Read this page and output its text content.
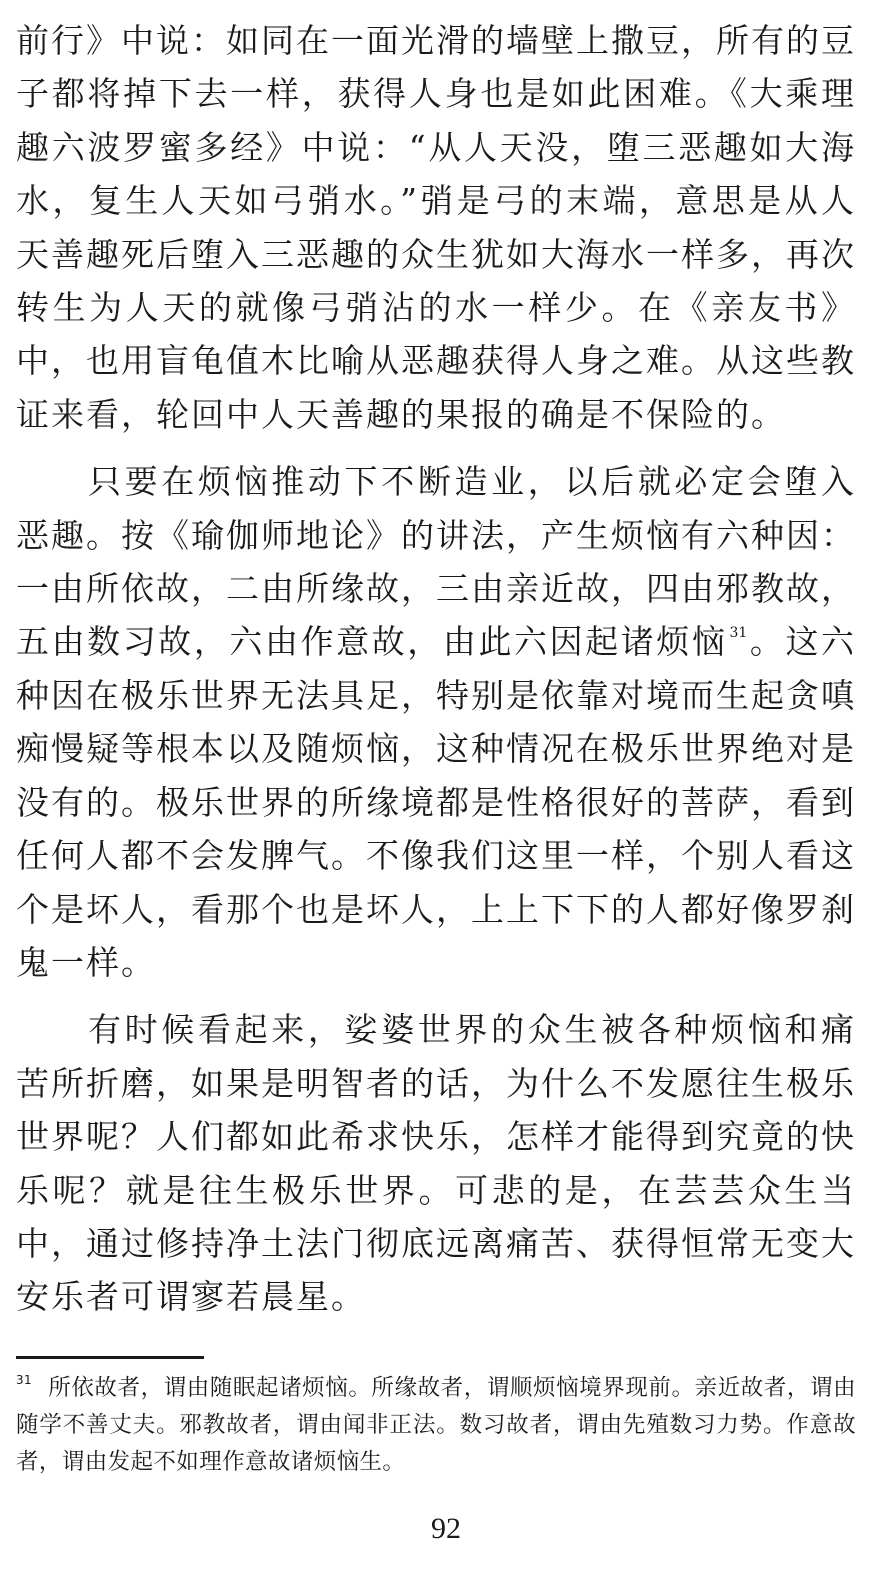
前行》中说：如同在一面光滑的墙壁上撒豆，所有的豆子都将掉下去一样，获得人身也是如此困难。《大乘理趣六波罗蜜多经》中说：“从人天没，堕三恶趣如大海水，复生人天如弓弰水。”弰是弓的末端，意思是从人天善趣死后堕入三恶趣的众生犹如大海水一样多，再次转生为人天的就像弓弰沾的水一样少。在《亲友书》中，也用盲龟值木比喻从恶趣获得人身之难。从这些教证来看，轮回中人天善趣的果报的确是不保险的。

只要在烦恼推动下不断造业，以后就必定会堕入恶趣。按《瑜伽师地论》的讲法，产生烦恼有六种因：一由所依故，二由所缘故，三由亲近故，四由邪教故，五由数习故，六由作意故，由此六因起诸烦恼 $^{31}$。这六种因在极乐世界无法具足，特别是依靠对境而生起贪嗔痴慢疑等根本以及随烦恼，这种情况在极乐世界绝对是没有的。极乐世界的所缘境都是性格很好的菩萨，看到任何人都不会发脾气。不像我们这里一样，个别人看这个是坏人，看那个也是坏人，上上下下的人都好像罗刹鬼一样。

有时候看起来，娑婆世界的众生被各种烦恼和痛苦所折磨，如果是明智者的话，为什么不发愿往生极乐世界呢？人们都如此希求快乐，怎样才能得到究竟的快乐呢？就是往生极乐世界。可悲的是，在芸芸众生当中，通过修持净土法门彻底远离痛苦、获得恒常无变大安乐者可谓寥若晨星。

$^{31}$ 所依故者，谓由随眠起诸烦恼。所缘故者，谓顺烦恼境界现前。亲近故者，谓由随学不善丈夫。邪教故者，谓由闻非正法。数习故者，谓由先殖数习力势。作意故者，谓由发起不如理作意故诸烦恼生。

92
